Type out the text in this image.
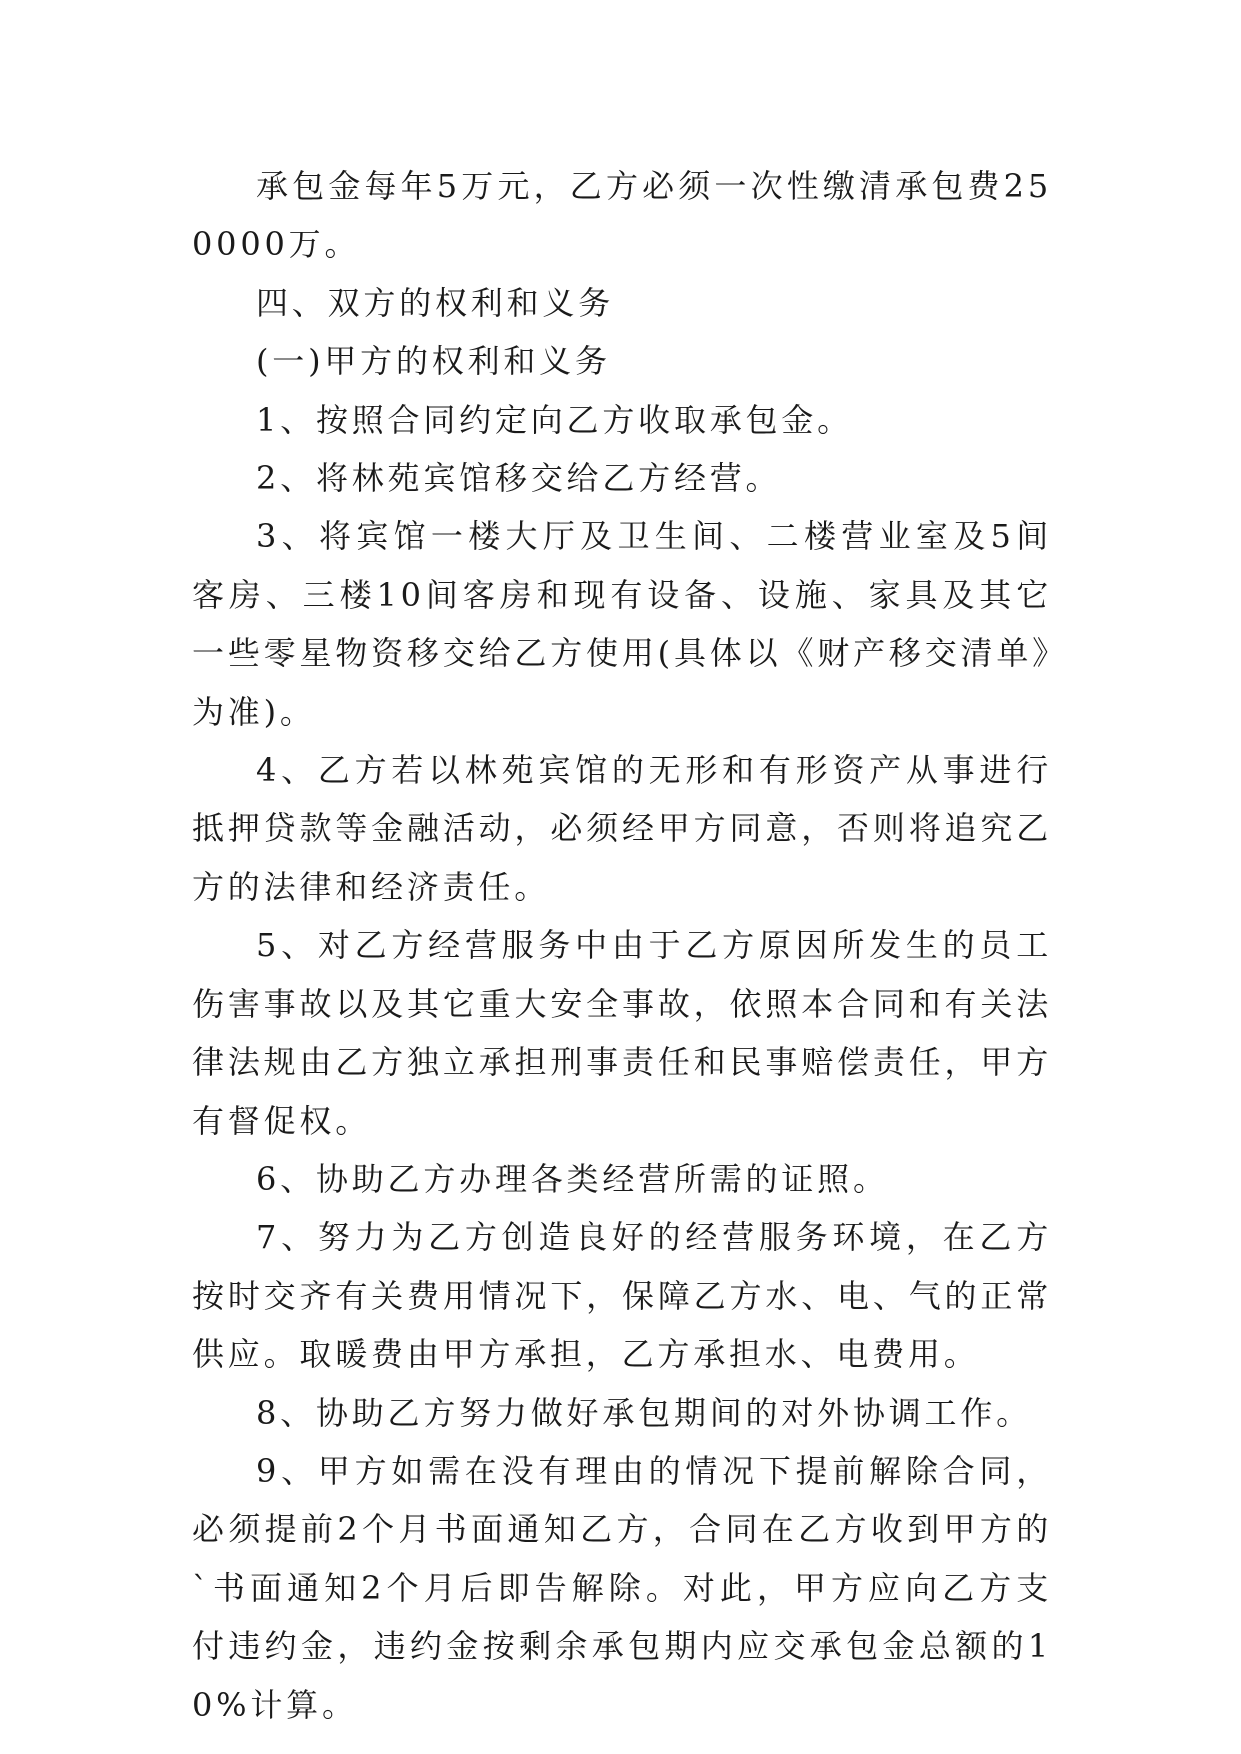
承包金每年5万元，乙方必须一次性缴清承包费250000万。

四、双方的权利和义务

(一)甲方的权利和义务

1、按照合同约定向乙方收取承包金。

2、将林苑宾馆移交给乙方经营。

3、将宾馆一楼大厅及卫生间、二楼营业室及5间客房、三楼10间客房和现有设备、设施、家具及其它一些零星物资移交给乙方使用(具体以《财产移交清单》为准)。

4、乙方若以林苑宾馆的无形和有形资产从事进行抵押贷款等金融活动，必须经甲方同意，否则将追究乙方的法律和经济责任。

5、对乙方经营服务中由于乙方原因所发生的员工伤害事故以及其它重大安全事故，依照本合同和有关法律法规由乙方独立承担刑事责任和民事赔偿责任，甲方有督促权。

6、协助乙方办理各类经营所需的证照。

7、努力为乙方创造良好的经营服务环境，在乙方按时交齐有关费用情况下，保障乙方水、电、气的正常供应。取暖费由甲方承担，乙方承担水、电费用。

8、协助乙方努力做好承包期间的对外协调工作。

9、甲方如需在没有理由的情况下提前解除合同，必须提前2个月书面通知乙方，合同在乙方收到甲方的`书面通知2个月后即告解除。对此，甲方应向乙方支付违约金，违约金按剩余承包期内应交承包金总额的10%计算。
